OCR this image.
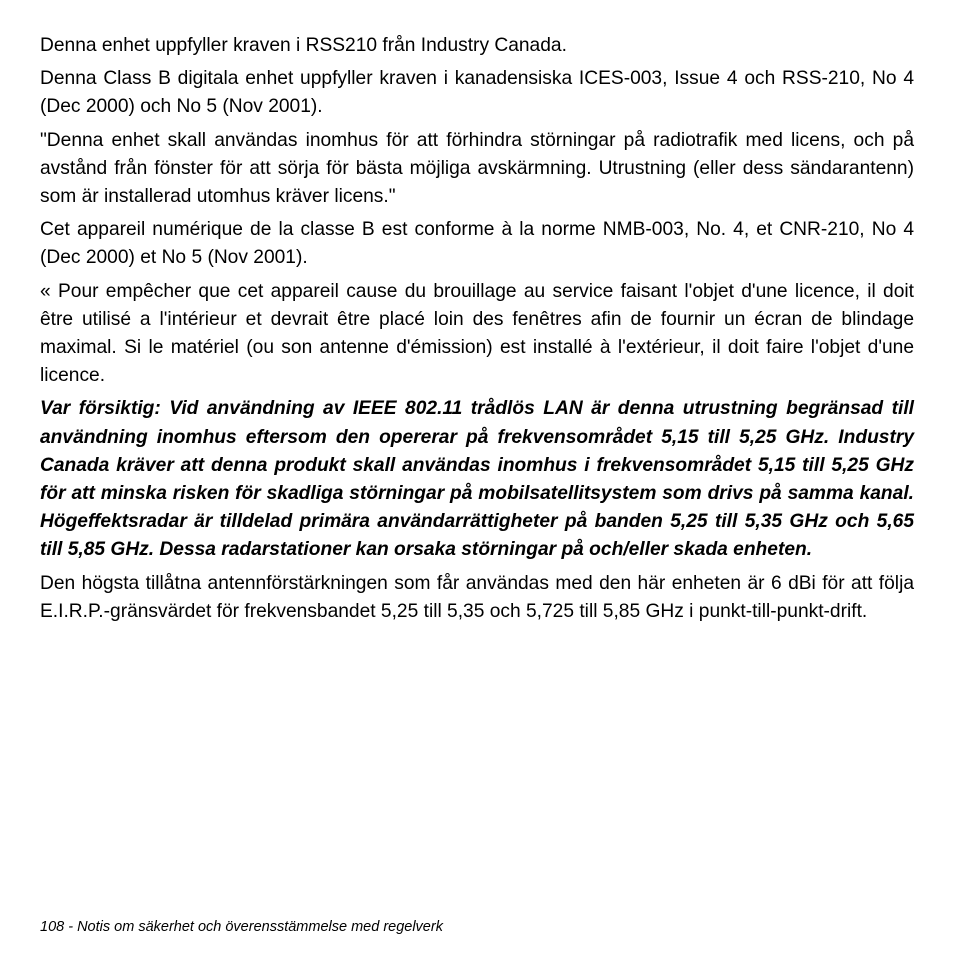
Denna enhet uppfyller kraven i RSS210 från Industry Canada.

Denna Class B digitala enhet uppfyller kraven i kanadensiska ICES-003, Issue 4 och RSS-210, No 4 (Dec 2000) och No 5 (Nov 2001).

"Denna enhet skall användas inomhus för att förhindra störningar på radiotrafik med licens, och på avstånd från fönster för att sörja för bästa möjliga avskärmning. Utrustning (eller dess sändarantenn) som är installerad utomhus kräver licens."

Cet appareil numérique de la classe B est conforme à la norme NMB-003, No. 4, et CNR-210, No 4 (Dec 2000) et No 5 (Nov 2001).

« Pour empêcher que cet appareil cause du brouillage au service faisant l'objet d'une licence, il doit être utilisé a l'intérieur et devrait être placé loin des fenêtres afin de fournir un écran de blindage maximal. Si le matériel (ou son antenne d'émission) est installé à l'extérieur, il doit faire l'objet d'une licence.

Var försiktig: Vid användning av IEEE 802.11 trådlös LAN är denna utrustning begränsad till användning inomhus eftersom den opererar på frekvensområdet 5,15 till 5,25 GHz. Industry Canada kräver att denna produkt skall användas inomhus i frekvensområdet 5,15 till 5,25 GHz för att minska risken för skadliga störningar på mobilsatellitsystem som drivs på samma kanal. Högeffektsradar är tilldelad primära användarrättigheter på banden 5,25 till 5,35 GHz och 5,65 till 5,85 GHz. Dessa radarstationer kan orsaka störningar på och/eller skada enheten.

Den högsta tillåtna antennförstärkningen som får användas med den här enheten är 6 dBi för att följa E.I.R.P.-gränsvärdet för frekvensbandet 5,25 till 5,35 och 5,725 till 5,85 GHz i punkt-till-punkt-drift.

108 - Notis om säkerhet och överensstämmelse med regelverk
